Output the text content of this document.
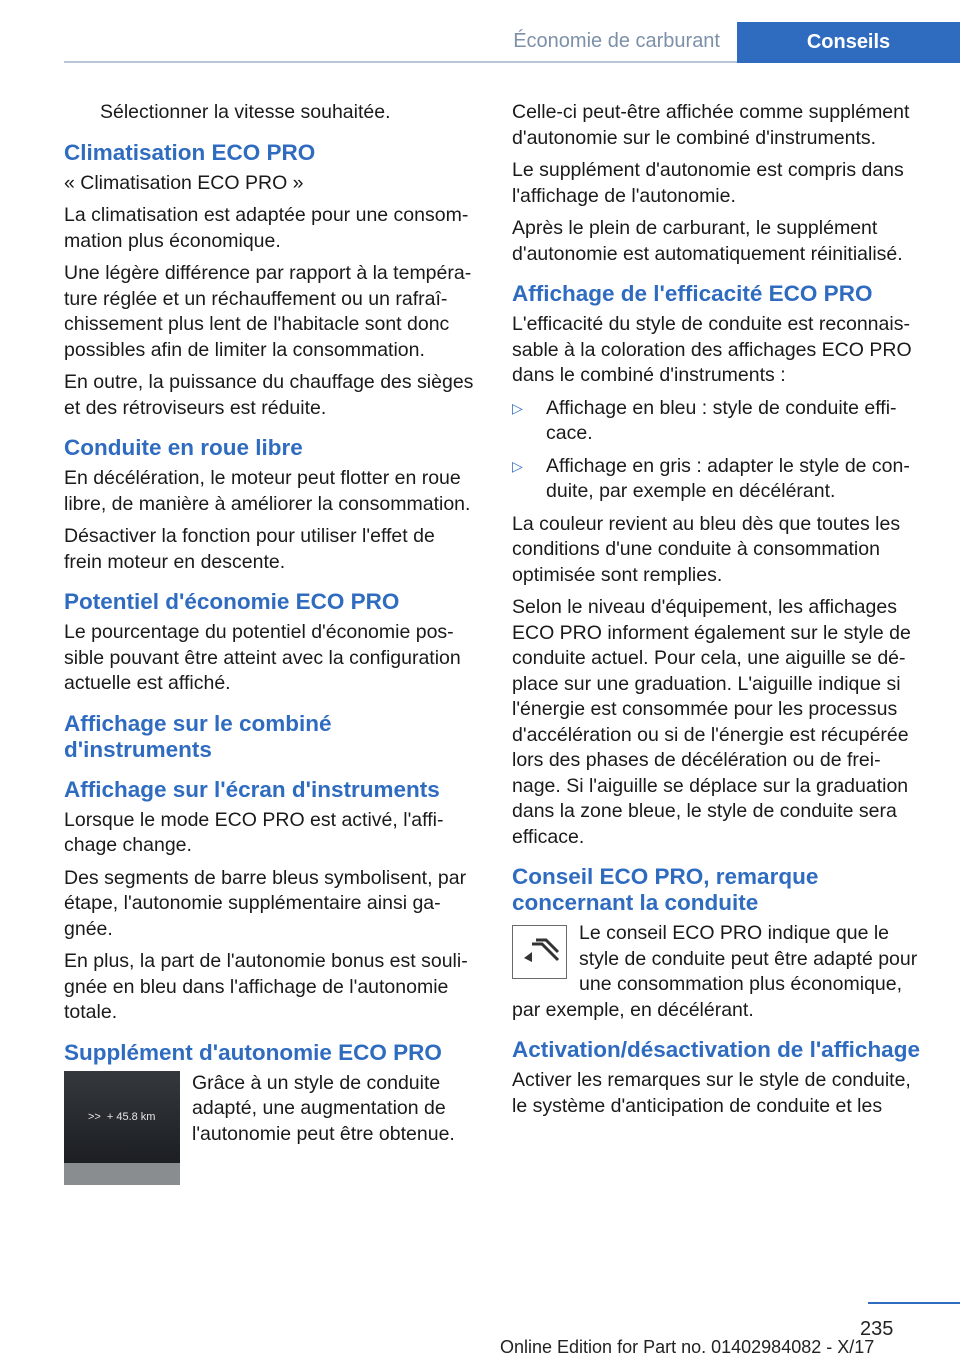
Économie de carburant	Conseils

Sélectionner la vitesse souhaitée.

Climatisation ECO PRO

« Climatisation ECO PRO »

La climatisation est adaptée pour une consom‐mation plus économique.

Une légère différence par rapport à la tempéra‐ture réglée et un réchauffement ou un rafraî‐chissement plus lent de l'habitacle sont donc possibles afin de limiter la consommation.

En outre, la puissance du chauffage des sièges et des rétroviseurs est réduite.

Conduite en roue libre

En décélération, le moteur peut flotter en roue libre, de manière à améliorer la consommation.

Désactiver la fonction pour utiliser l'effet de frein moteur en descente.

Potentiel d'économie ECO PRO

Le pourcentage du potentiel d'économie pos‐sible pouvant être atteint avec la configuration actuelle est affiché.

Affichage sur le combiné d'instruments
Affichage sur l'écran d'instruments

Lorsque le mode ECO PRO est activé, l'affi‐chage change.

Des segments de barre bleus symbolisent, par étape, l'autonomie supplémentaire ainsi ga‐gnée.

En plus, la part de l'autonomie bonus est souli‐gnée en bleu dans l'affichage de l'autonomie totale.

Supplément d'autonomie ECO PRO
>> + 45.8 km

Grâce à un style de conduite adapté, une augmentation de l'autonomie peut être obtenue.

Celle-ci peut-être affichée comme supplément d'autonomie sur le combiné d'instruments.

Le supplément d'autonomie est compris dans l'affichage de l'autonomie.

Après le plein de carburant, le supplément d'autonomie est automatiquement réinitialisé.

Affichage de l'efficacité ECO PRO

L'efficacité du style de conduite est reconnais‐sable à la coloration des affichages ECO PRO dans le combiné d'instruments :

▷	Affichage en bleu : style de conduite effi‐cace.
▷	Affichage en gris : adapter le style de con‐duite, par exemple en décélérant.

La couleur revient au bleu dès que toutes les conditions d'une conduite à consommation optimisée sont remplies.

Selon le niveau d'équipement, les affichages ECO PRO informent également sur le style de conduite actuel. Pour cela, une aiguille se dé‐place sur une graduation. L'aiguille indique si l'énergie est consommée pour les processus d'accélération ou si de l'énergie est récupérée lors des phases de décélération ou de frei‐nage. Si l'aiguille se déplace sur la graduation dans la zone bleue, le style de conduite sera efficace.

Conseil ECO PRO, remarque concernant la conduite
Le conseil ECO PRO indique que le style de conduite peut être adapté pour une consommation plus économique, par exemple, en décélérant.
Activation/désactivation de l'affichage

Activer les remarques sur le style de conduite, le système d'anticipation de conduite et les

235
Online Edition for Part no. 01402984082 - X/17
